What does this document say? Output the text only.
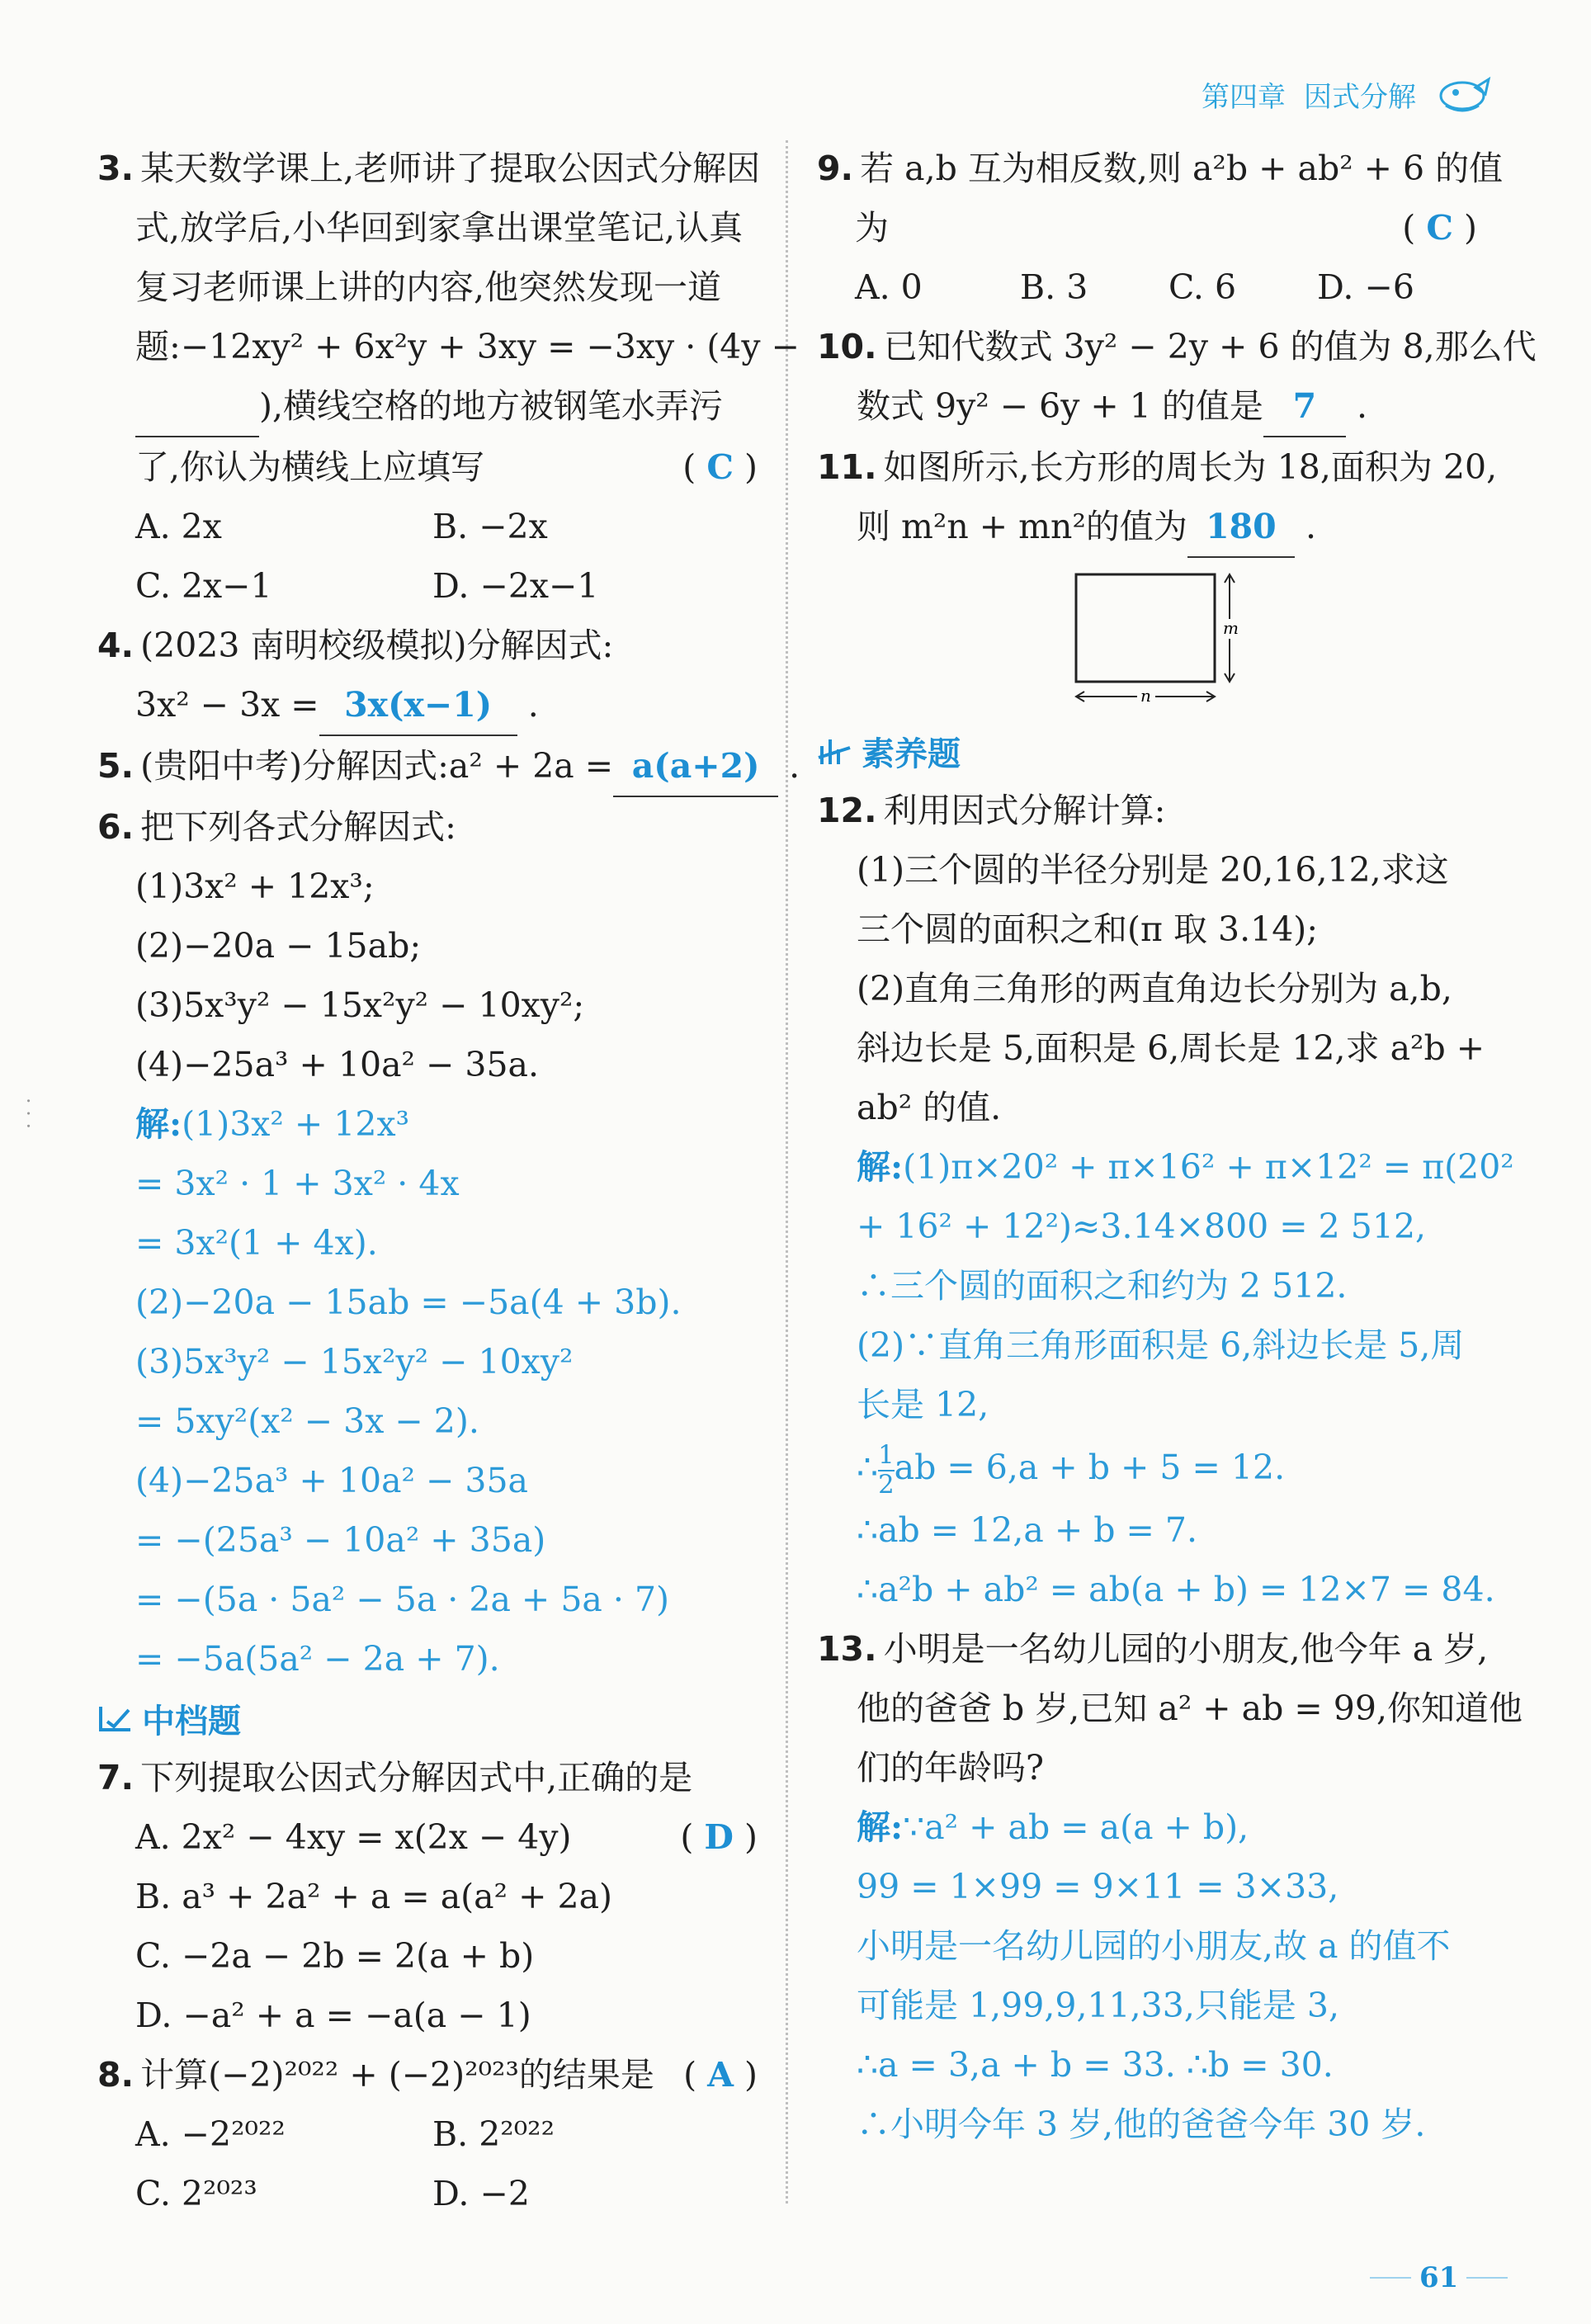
第四章 因式分解
· · ·
3. 某天数学课上,老师讲了提取公因式分解因
式,放学后,小华回到家拿出课堂笔记,认真
复习老师课上讲的内容,他突然发现一道
题:−12xy² + 6x²y + 3xy = −3xy · (4y −
),横线空格的地方被钢笔水弄污
了,你认为横线上应填写	( C )
A. 2x	B. −2x
C. 2x−1	D. −2x−1
4. (2023 南明校级模拟)分解因式:
3x² − 3x = 3x(x−1) .
5. (贵阳中考)分解因式:a² + 2a = a(a+2) .
6. 把下列各式分解因式:
(1)3x² + 12x³;
(2)−20a − 15ab;
(3)5x³y² − 15x²y² − 10xy²;
(4)−25a³ + 10a² − 35a.
解:(1)3x² + 12x³
= 3x² · 1 + 3x² · 4x
= 3x²(1 + 4x).
(2)−20a − 15ab = −5a(4 + 3b).
(3)5x³y² − 15x²y² − 10xy²
= 5xy²(x² − 3x − 2).
(4)−25a³ + 10a² − 35a
= −(25a³ − 10a² + 35a)
= −(5a · 5a² − 5a · 2a + 5a · 7)
= −5a(5a² − 2a + 7).
中档题
7. 下列提取公因式分解因式中,正确的是
( D )
A. 2x² − 4xy = x(2x − 4y)
B. a³ + 2a² + a = a(a² + 2a)
C. −2a − 2b = 2(a + b)
D. −a² + a = −a(a − 1)
8. 计算(−2)²⁰²² + (−2)²⁰²³的结果是 ( A )
A. −2²⁰²²	B. 2²⁰²²
C. 2²⁰²³	D. −2
9. 若 a,b 互为相反数,则 a²b + ab² + 6 的值
为	( C )
A. 0	B. 3	C. 6	D. −6
10. 已知代数式 3y² − 2y + 6 的值为 8,那么代
数式 9y² − 6y + 1 的值是 7 .
11. 如图所示,长方形的周长为 18,面积为 20,
则 m²n + mn²的值为 180 .
n
m
素养题
12. 利用因式分解计算:
(1)三个圆的半径分别是 20,16,12,求这
三个圆的面积之和(π 取 3.14);
(2)直角三角形的两直角边长分别为 a,b,
斜边长是 5,面积是 6,周长是 12,求 a²b +
ab² 的值.
解:(1)π×20² + π×16² + π×12² = π(20²
+ 16² + 12²)≈3.14×800 = 2 512,
∴三个圆的面积之和约为 2 512.
(2)∵直角三角形面积是 6,斜边长是 5,周
长是 12,
∴ $\frac{1}{2}$ ab = 6,a + b + 5 = 12.
∴ab = 12,a + b = 7.
∴a²b + ab² = ab(a + b) = 12×7 = 84.
13. 小明是一名幼儿园的小朋友,他今年 a 岁,
他的爸爸 b 岁,已知 a² + ab = 99,你知道他
们的年龄吗?
解:∵a² + ab = a(a + b),
99 = 1×99 = 9×11 = 3×33,
小明是一名幼儿园的小朋友,故 a 的值不
可能是 1,99,9,11,33,只能是 3,
∴a = 3,a + b = 33. ∴b = 30.
∴小明今年 3 岁,他的爸爸今年 30 岁.
61
